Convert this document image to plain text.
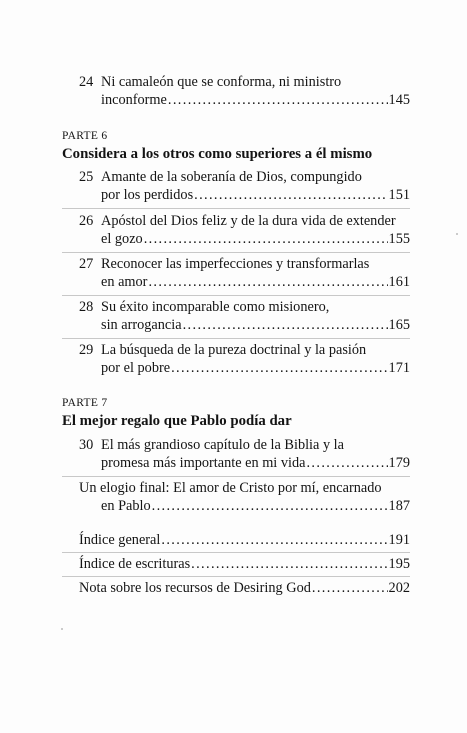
24 Ni camaleón que se conforma, ni ministro
inconforme . . .	145
PARTE 6
Considera a los otros como superiores a él mismo
25 Amante de la soberanía de Dios, compungido
por los perdidos . . .	151
26 Apóstol del Dios feliz y de la dura vida de extender
el gozo . . .	155
27 Reconocer las imperfecciones y transformarlas
en amor . . .	161
28 Su éxito incomparable como misionero,
sin arrogancia . . .	165
29 La búsqueda de la pureza doctrinal y la pasión
por el pobre . . .	171
PARTE 7
El mejor regalo que Pablo podía dar
30 El más grandioso capítulo de la Biblia y la
promesa más importante en mi vida . . .	179
Un elogio final: El amor de Cristo por mí, encarnado
en Pablo . . .	187
Índice general . . .	191
Índice de escrituras . . .	195
Nota sobre los recursos de Desiring God . . .	202
